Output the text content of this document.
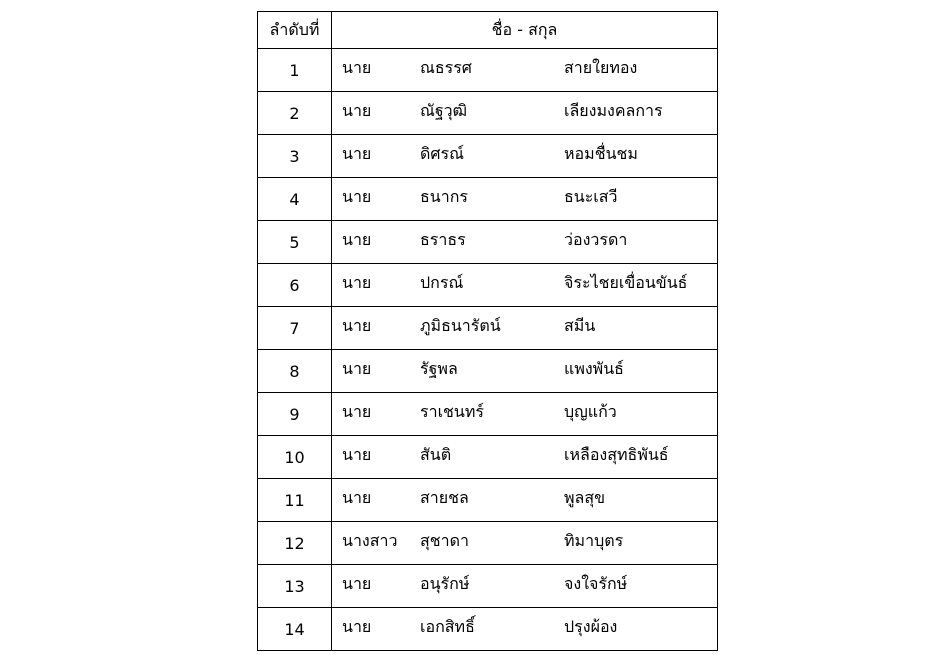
ลำดับที่	ชื่อ - สกุล
1	นาย ณธรรศ สายใยทอง

2	นาย ณัฐวุฒิ เลียงมงคลการ

3	นาย ดิศรณ์ หอมชื่นชม

4	นาย ธนากร ธนะเสวี

5	นาย ธราธร ว่องวรดา

6	นาย ปกรณ์ จิระไชยเขื่อนขันธ์

7	นาย ภูมิธนารัตน์ สมีน

8	นาย รัฐพล แพงพันธ์

9	นาย ราเชนทร์ บุญแก้ว

10	นาย สันติ เหลืองสุทธิพันธ์

11	นาย สายชล พูลสุข

12	นางสาว สุชาดา ทิมาบุตร

13	นาย อนุรักษ์ จงใจรักษ์

14	นาย เอกสิทธิ์ ปรุงผ้อง
